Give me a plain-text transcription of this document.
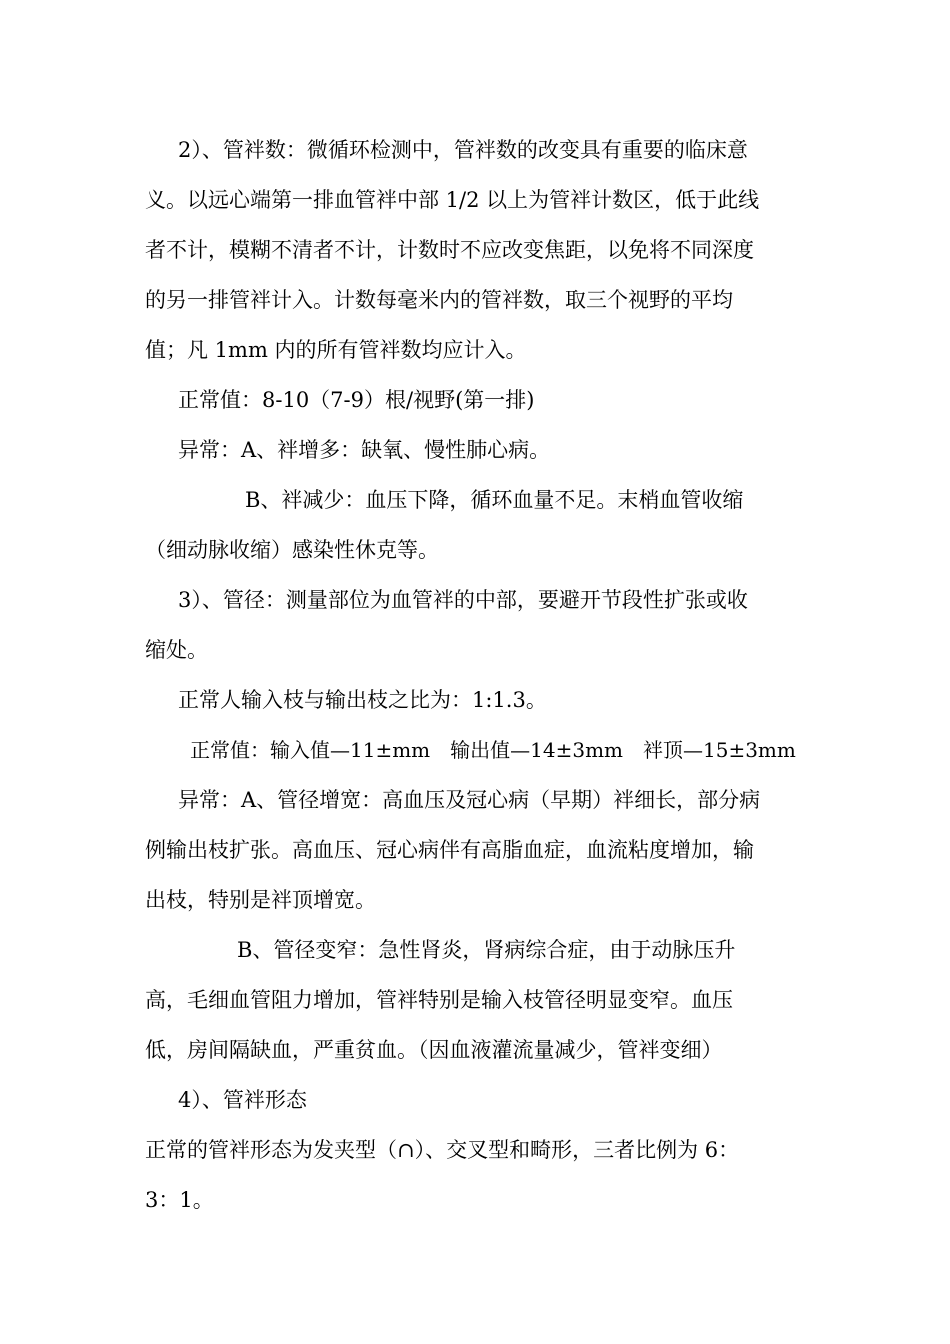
2）、管袢数：微循环检测中，管袢数的改变具有重要的临床意
义。以远心端第一排血管袢中部 1/2 以上为管袢计数区，低于此线
者不计，模糊不清者不计，计数时不应改变焦距，以免将不同深度
的另一排管袢计入。计数每毫米内的管袢数，取三个视野的平均
值；凡 1mm 内的所有管袢数均应计入。
正常值：8-10（7-9）根/视野(第一排)
异常：A、袢增多：缺氧、慢性肺心病。
B、袢减少：血压下降，循环血量不足。末梢血管收缩
（细动脉收缩）感染性休克等。
3）、管径：测量部位为血管袢的中部，要避开节段性扩张或收
缩处。
正常人输入枝与输出枝之比为：1:1.3。
正常值：输入值—11±mm　输出值—14±3mm　袢顶—15±3mm
异常：A、管径增宽：高血压及冠心病（早期）袢细长，部分病
例输出枝扩张。高血压、冠心病伴有高脂血症，血流粘度增加，输
出枝，特别是袢顶增宽。
B、管径变窄：急性肾炎，肾病综合症，由于动脉压升
高，毛细血管阻力增加，管袢特别是输入枝管径明显变窄。血压
低，房间隔缺血，严重贫血。（因血液灌流量减少，管袢变细）
4）、管袢形态
正常的管袢形态为发夹型（∩）、交叉型和畸形，三者比例为 6：
3：1。
